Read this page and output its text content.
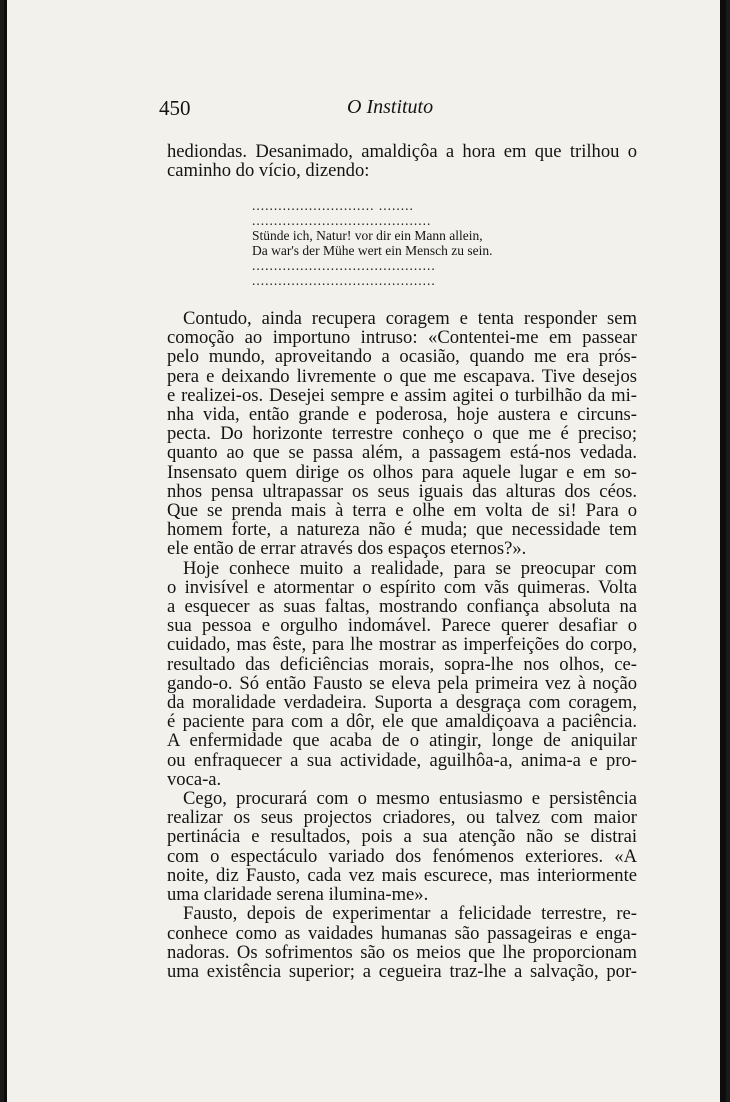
450	O Instituto
hediondas. Desanimado, amaldiçôa a hora em que trilhou o
caminho do vício, dizendo:
............................ ........
.........................................
Stünde ich, Natur! vor dir ein Mann allein,
Da war's der Mühe wert ein Mensch zu sein.
..........................................
..........................................
Contudo, ainda recupera coragem e tenta responder sem
comoção ao importuno intruso: «Contentei-me em passear
pelo mundo, aproveitando a ocasião, quando me era prós-
pera e deixando livremente o que me escapava. Tive desejos
e realizei-os. Desejei sempre e assim agitei o turbilhão da mi-
nha vida, então grande e poderosa, hoje austera e circuns-
pecta. Do horizonte terrestre conheço o que me é preciso;
quanto ao que se passa além, a passagem está-nos vedada.
Insensato quem dirige os olhos para aquele lugar e em so-
nhos pensa ultrapassar os seus iguais das alturas dos céos.
Que se prenda mais à terra e olhe em volta de si! Para o
homem forte, a natureza não é muda; que necessidade tem
ele então de errar através dos espaços eternos?».
Hoje conhece muito a realidade, para se preocupar com
o invisível e atormentar o espírito com vãs quimeras. Volta
a esquecer as suas faltas, mostrando confiança absoluta na
sua pessoa e orgulho indomável. Parece querer desafiar o
cuidado, mas êste, para lhe mostrar as imperfeições do corpo,
resultado das deficiências morais, sopra-lhe nos olhos, ce-
gando-o. Só então Fausto se eleva pela primeira vez à noção
da moralidade verdadeira. Suporta a desgraça com coragem,
é paciente para com a dôr, ele que amaldiçoava a paciência.
A enfermidade que acaba de o atingir, longe de aniquilar
ou enfraquecer a sua actividade, aguilhôa-a, anima-a e pro-
voca-a.
Cego, procurará com o mesmo entusiasmo e persistência
realizar os seus projectos criadores, ou talvez com maior
pertinácia e resultados, pois a sua atenção não se distrai
com o espectáculo variado dos fenómenos exteriores. «A
noite, diz Fausto, cada vez mais escurece, mas interiormente
uma claridade serena ilumina-me».
Fausto, depois de experimentar a felicidade terrestre, re-
conhece como as vaidades humanas são passageiras e enga-
nadoras. Os sofrimentos são os meios que lhe proporcionam
uma existência superior; a cegueira traz-lhe a salvação, por-
